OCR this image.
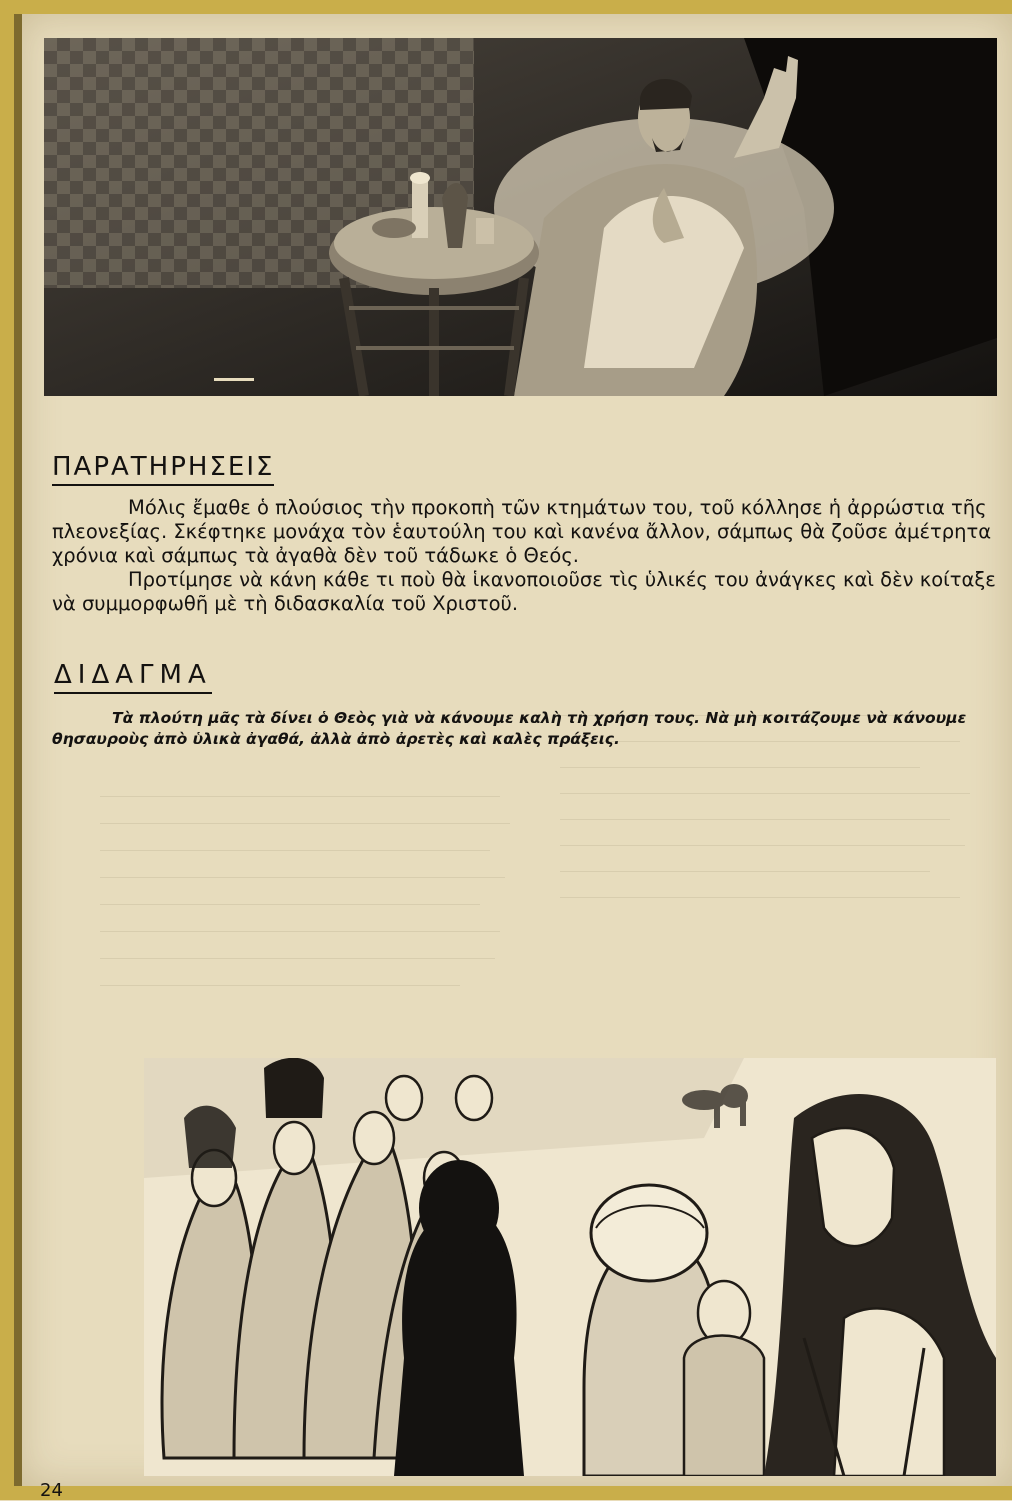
ΠΑΡΑΤΗΡΗΣΕΙΣ

Μόλις ἔμαθε ὁ πλούσιος τὴν προκοπὴ τῶν κτημάτων του, τοῦ κόλλησε ἡ ἀρρώστια τῆς πλεονεξίας. Σκέφτηκε μονάχα τὸν ἑαυτούλη του καὶ κανένα ἄλλον, σάμπως θὰ ζοῦσε ἀμέτρητα χρόνια καὶ σάμπως τὰ ἀγαθὰ δὲν τοῦ τάδωκε ὁ Θεός.

Προτίμησε νὰ κάνη κάθε τι ποὺ θὰ ἱκανοποιοῦσε τὶς ὑλικές του ἀνάγκες καὶ δὲν κοίταξε νὰ συμμορφωθῆ μὲ τὴ διδασκαλία τοῦ Χριστοῦ.

ΔΙΔΑΓΜΑ

Τὰ πλούτη μᾶς τὰ δίνει ὁ Θεὸς γιὰ νὰ κάνουμε καλὴ τὴ χρήση τους. Νὰ μὴ κοιτάζουμε νὰ κάνουμε θησαυροὺς ἀπὸ ὑλικὰ ἀγαθά, ἀλλὰ ἀπὸ ἀρετὲς καὶ καλὲς πράξεις.

24
